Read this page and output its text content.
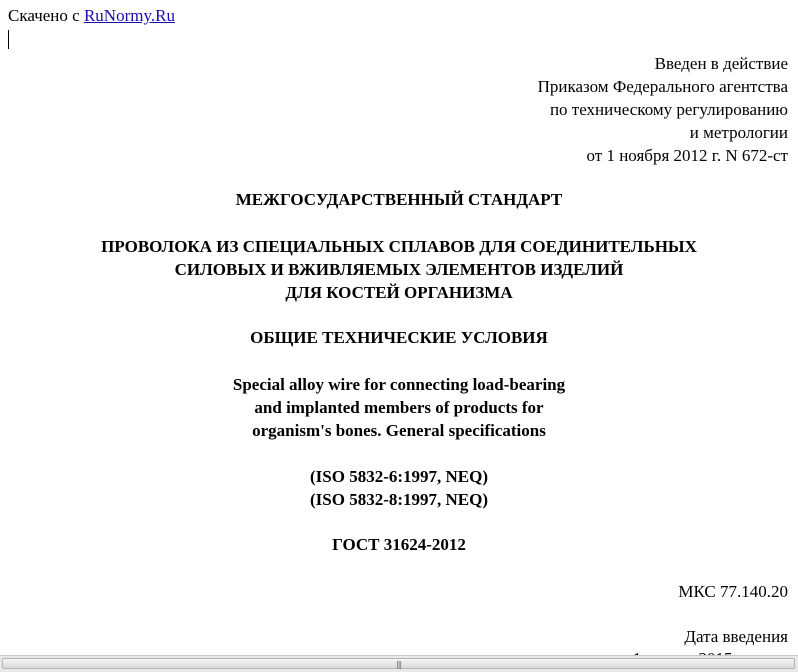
Скачено с RuNormy.Ru
Введен в действие
Приказом Федерального агентства
по техническому регулированию
и метрологии
от 1 ноября 2012 г. N 672-ст
МЕЖГОСУДАРСТВЕННЫЙ СТАНДАРТ
ПРОВОЛОКА ИЗ СПЕЦИАЛЬНЫХ СПЛАВОВ ДЛЯ СОЕДИНИТЕЛЬНЫХ
СИЛОВЫХ И ВЖИВЛЯЕМЫХ ЭЛЕМЕНТОВ ИЗДЕЛИЙ
ДЛЯ КОСТЕЙ ОРГАНИЗМА
ОБЩИЕ ТЕХНИЧЕСКИЕ УСЛОВИЯ
Special alloy wire for connecting load-bearing
and implanted members of products for
organism's bones. General specifications
(ISO 5832-6:1997, NEQ)
(ISO 5832-8:1997, NEQ)
ГОСТ 31624-2012
МКС 77.140.20
Дата введения
|||
